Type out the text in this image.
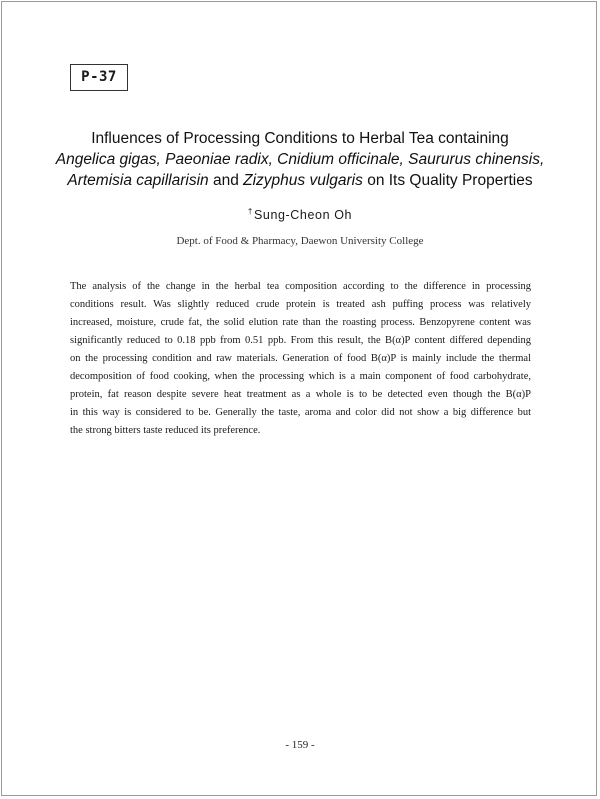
P-37
Influences of Processing Conditions to Herbal Tea containing
Angelica gigas, Paeoniae radix, Cnidium officinale, Saururus chinensis,
Artemisia capillarisin and Zizyphus vulgaris on Its Quality Properties
†Sung-Cheon Oh
Dept. of Food & Pharmacy, Daewon University College
The analysis of the change in the herbal tea composition according to the difference in processing
conditions result. Was slightly reduced crude protein is treated ash puffing process was relatively
increased, moisture, crude fat, the solid elution rate than the roasting process. Benzopyrene content was
significantly reduced to 0.18 ppb from 0.51 ppb. From this result, the B(α)P content differed depending
on the processing condition and raw materials. Generation of food B(α)P is mainly include the thermal
decomposition of food cooking, when the processing which is a main component of food carbohydrate,
protein, fat reason despite severe heat treatment as a whole is to be detected even though the B(α)P
in this way is considered to be. Generally the taste, aroma and color did not show a big difference but
the strong bitters taste reduced its preference.
- 159 -
